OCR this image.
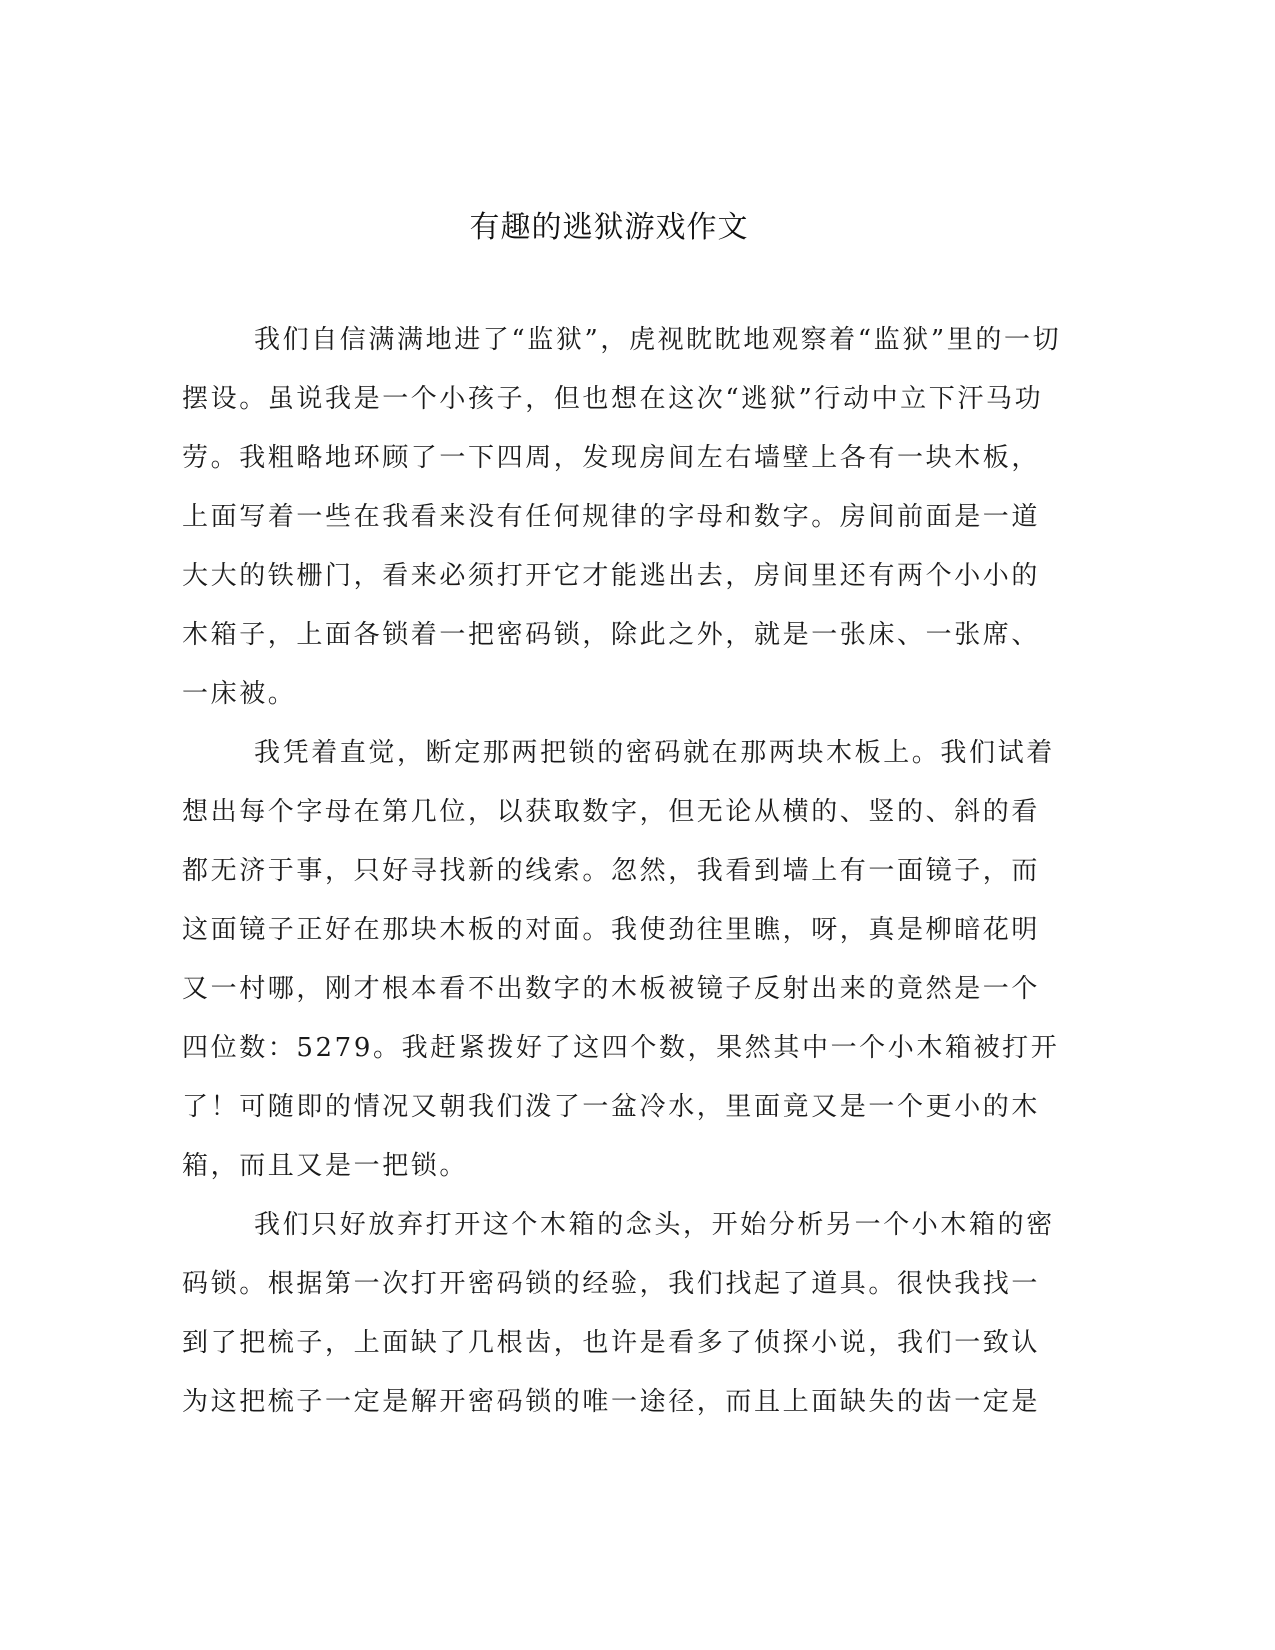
有趣的逃狱游戏作文
我们自信满满地进了“监狱”，虎视眈眈地观察着“监狱”里的一切
摆设。虽说我是一个小孩子，但也想在这次“逃狱”行动中立下汗马功
劳。我粗略地环顾了一下四周，发现房间左右墙壁上各有一块木板，
上面写着一些在我看来没有任何规律的字母和数字。房间前面是一道
大大的铁栅门，看来必须打开它才能逃出去，房间里还有两个小小的
木箱子，上面各锁着一把密码锁，除此之外，就是一张床、一张席、
一床被。
我凭着直觉，断定那两把锁的密码就在那两块木板上。我们试着
想出每个字母在第几位，以获取数字，但无论从横的、竖的、斜的看
都无济于事，只好寻找新的线索。忽然，我看到墙上有一面镜子，而
这面镜子正好在那块木板的对面。我使劲往里瞧，呀，真是柳暗花明
又一村哪，刚才根本看不出数字的木板被镜子反射出来的竟然是一个
四位数：5279。我赶紧拨好了这四个数，果然其中一个小木箱被打开
了！可随即的情况又朝我们泼了一盆冷水，里面竟又是一个更小的木
箱，而且又是一把锁。
我们只好放弃打开这个木箱的念头，开始分析另一个小木箱的密
码锁。根据第一次打开密码锁的经验，我们找起了道具。很快我找一
到了把梳子，上面缺了几根齿，也许是看多了侦探小说，我们一致认
为这把梳子一定是解开密码锁的唯一途径，而且上面缺失的齿一定是
